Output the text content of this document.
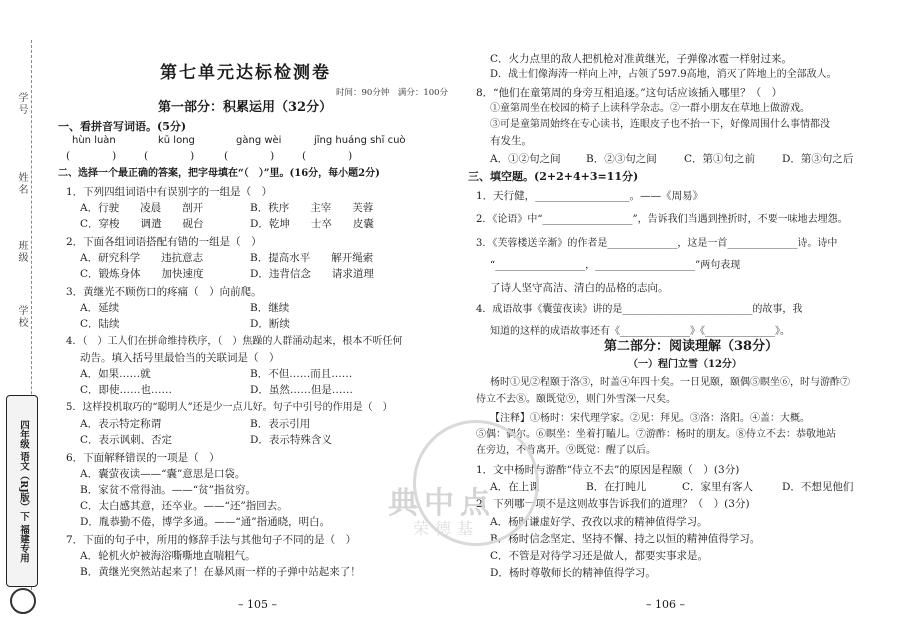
学号
姓名
班级
学校
四年级 语文（RJ版）下 福建专用
第七单元达标检测卷
时间：90分钟　满分：100分
第一部分：积累运用（32分）
一、看拼音写词语。(5分)
hùn luàn	kū long	gàng wèi	jīng huáng shī cuò
(　　　　)	(　　　　)	(　　　　)	(　　　　)
二、选择一个最正确的答案，把字母填在“（　）”里。(16分，每小题2分)
1．下列四组词语中有误别字的一组是（　）
A．行驶　　凌晨　　剖开	B．秩序　　主宰　　芙蓉
C．穿梭　　调遣　　砚台	D．乾坤　　士卒　　皮囊
2．下面各组词语搭配有错的一组是（　）
A．研究科学　　违抗意志	B．提高水平　　解开绳索
C．锻炼身体　　加快速度	D．违背信念　　请求道理
3．黄继光不顾伤口的疼痛（　）向前爬。
A．延续	B．继续
C．陆续	D．断续
4．（　）工人们在拼命维持秩序，（　）焦躁的人群涌动起来，根本不听任何
动告。填入括号里最恰当的关联词是（　）
A．如果……就	B．不但……而且……
C．即使……也……	D．虽然……但是……
5．这样投机取巧的“聪明人”还是少一点儿好。句子中引号的作用是（　）
A．表示特定称谓	B．表示引用
C．表示讽刺、否定	D．表示特殊含义
6．下面解释错误的一项是（　）
A．囊萤夜读——“囊”意思是口袋。
B．家贫不常得油。——“贫”指贫穷。
C．太白感其意，还卒业。——“还”指回去。
D．胤恭勤不倦，博学多通。——“通”指通晓，明白。
7．下面的句子中，所用的修辞手法与其他句子不同的是（　）
A．轮机火炉被海浴嘶嘶地直喘粗气。
B．黄继光突然站起来了！在暴风雨一样的子弹中站起来了！
– 105 –
C．火力点里的敌人把机枪对准黄继光，子弹像冰雹一样射过来。
D．战士们像海涛一样向上冲，占领了597.9高地，消灭了阵地上的全部敌人。
8．“他们在童第周的身旁互相追逐。”这句话应该插入哪里？（　）
①童第周坐在校园的椅子上读科学杂志。②一群小朋友在草地上做游戏。
③可是童第周始终在专心读书，连眼皮子也不抬一下，好像周围什么事情都没
有发生。
A．①②句之间 B．②③句之间	C．第①句之前	D．第③句之后
三、填空题。(2+2+4+3=11分)
1．天行健，__________________。——《周易》
2．《论语》中“__________________”，告诉我们当遇到挫折时，不要一味地去埋怨。
3．《芙蓉楼送辛渐》的作者是______________，这是一首______________诗。诗中
“__________________，____________________”两句表现
了诗人坚守高洁、清白的品格的志向。
4．成语故事《囊萤夜读》讲的是__________________________的故事，我
知道的这样的成语故事还有《______________》《______________》。
第二部分：阅读理解（38分）
（一）程门立雪（12分）
杨时①见②程颐于洛③，时盖④年四十矣。一日见颐，颐偶⑤瞑坐⑥，时与游酢⑦
侍立不去⑧。颐既觉⑨，则门外雪深一尺矣。
【注释】①杨时：宋代理学家。②见：拜见。③洛：洛阳。④盖：大概。
⑤偶：偶尔。⑥瞑坐：坐着打瞌儿。⑦游酢：杨时的朋友。⑧侍立不去：恭敬地站
在旁边，不肯离开。⑨既觉：醒了以后。
1．文中杨时与游酢“侍立不去”的原因是程颐（　）(3分)
A．在上课	B．在打盹儿	C．家里有客人	D．不想见他们
2．下列哪一项不是这则故事告诉我们的道理？（　）(3分)
A．杨时谦虚好学、孜孜以求的精神值得学习。
B．杨时信念坚定、坚持不懈、持之以恒的精神值得学习。
C．不管是对待学习还是做人，都要实事求是。
D．杨时尊敬师长的精神值得学习。
– 106 –
典中点
荣德基
